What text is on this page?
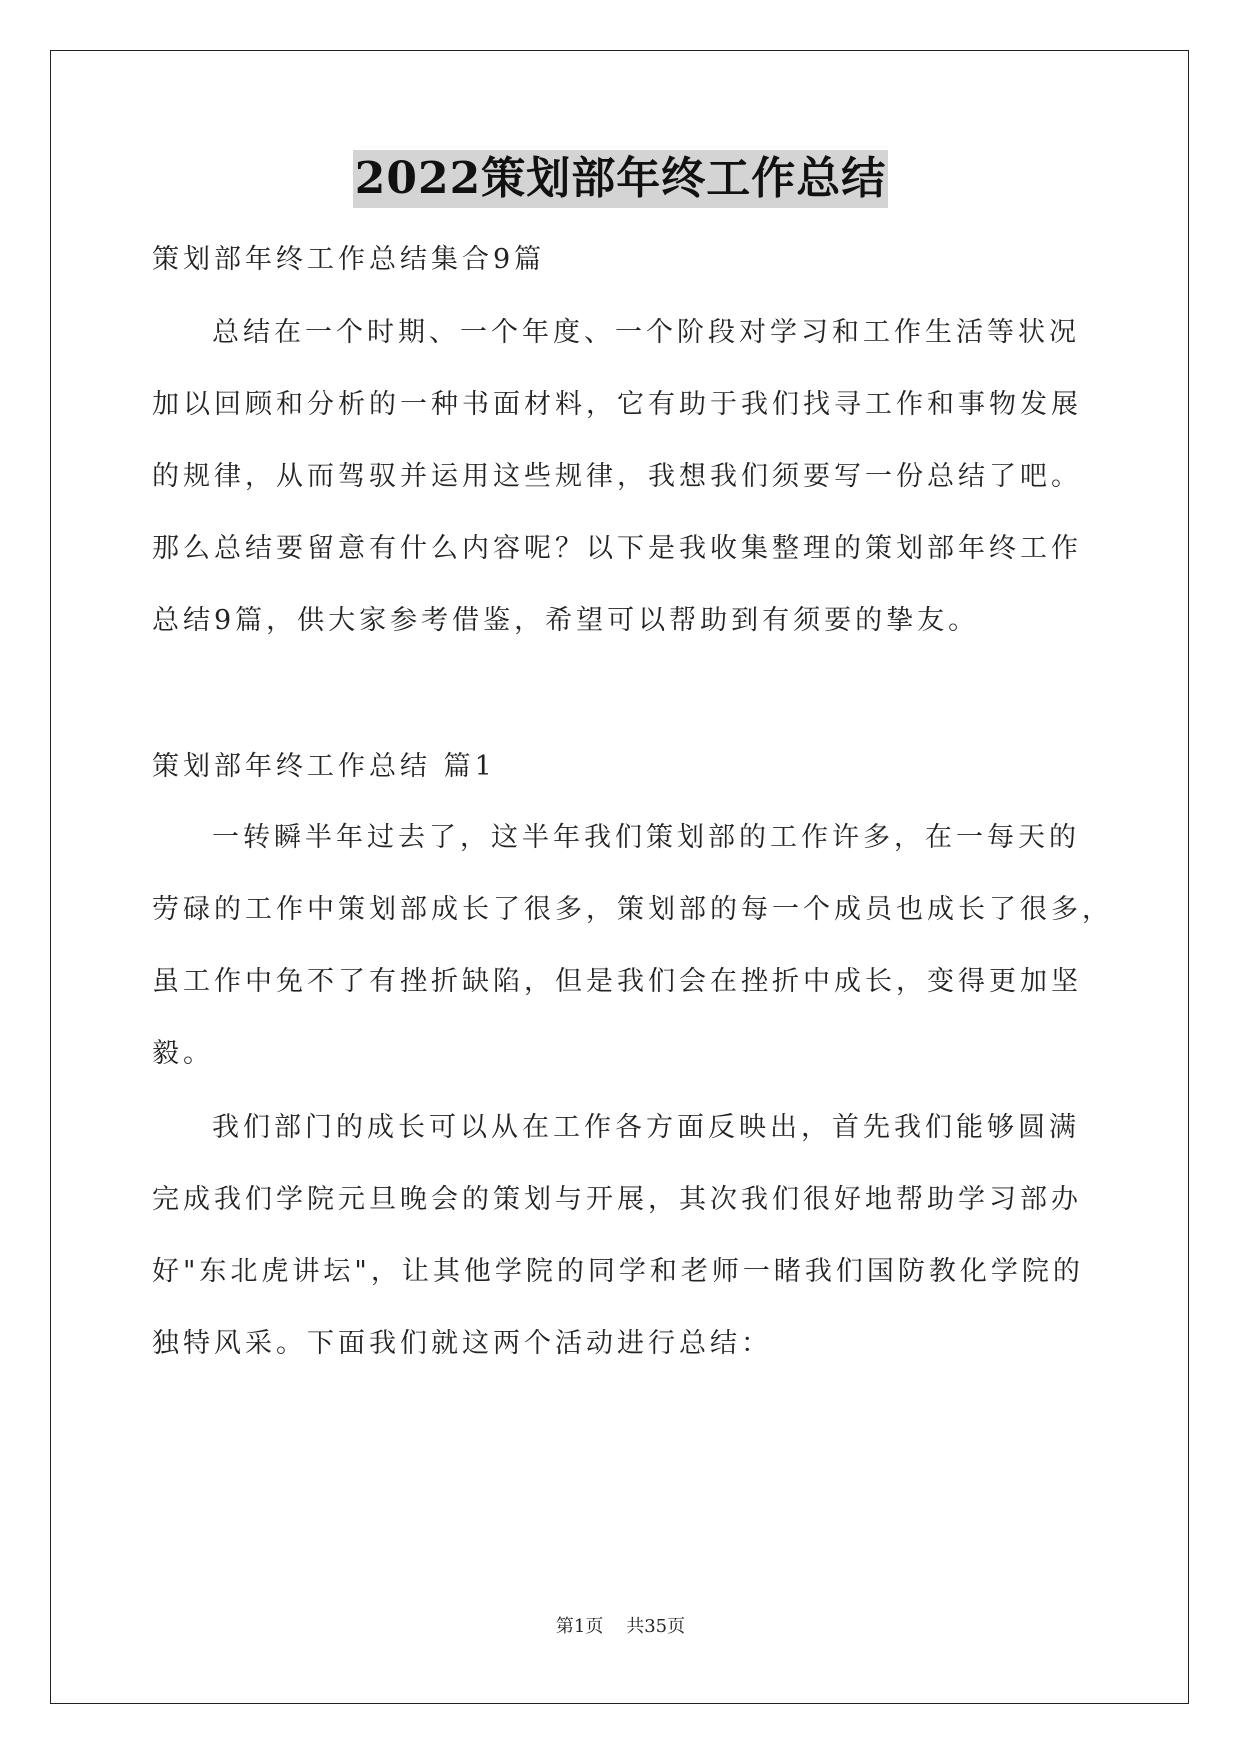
2022策划部年终工作总结
策划部年终工作总结集合9篇
总结在一个时期、一个年度、一个阶段对学习和工作生活等状况
加以回顾和分析的一种书面材料，它有助于我们找寻工作和事物发展
的规律，从而驾驭并运用这些规律，我想我们须要写一份总结了吧。
那么总结要留意有什么内容呢？以下是我收集整理的策划部年终工作
总结9篇，供大家参考借鉴，希望可以帮助到有须要的挚友。
策划部年终工作总结 篇1
一转瞬半年过去了，这半年我们策划部的工作许多，在一每天的
劳碌的工作中策划部成长了很多，策划部的每一个成员也成长了很多，
虽工作中免不了有挫折缺陷，但是我们会在挫折中成长，变得更加坚
毅。
我们部门的成长可以从在工作各方面反映出，首先我们能够圆满
完成我们学院元旦晚会的策划与开展，其次我们很好地帮助学习部办
好"东北虎讲坛"，让其他学院的同学和老师一睹我们国防教化学院的
独特风采。下面我们就这两个活动进行总结：
第1页    共35页
